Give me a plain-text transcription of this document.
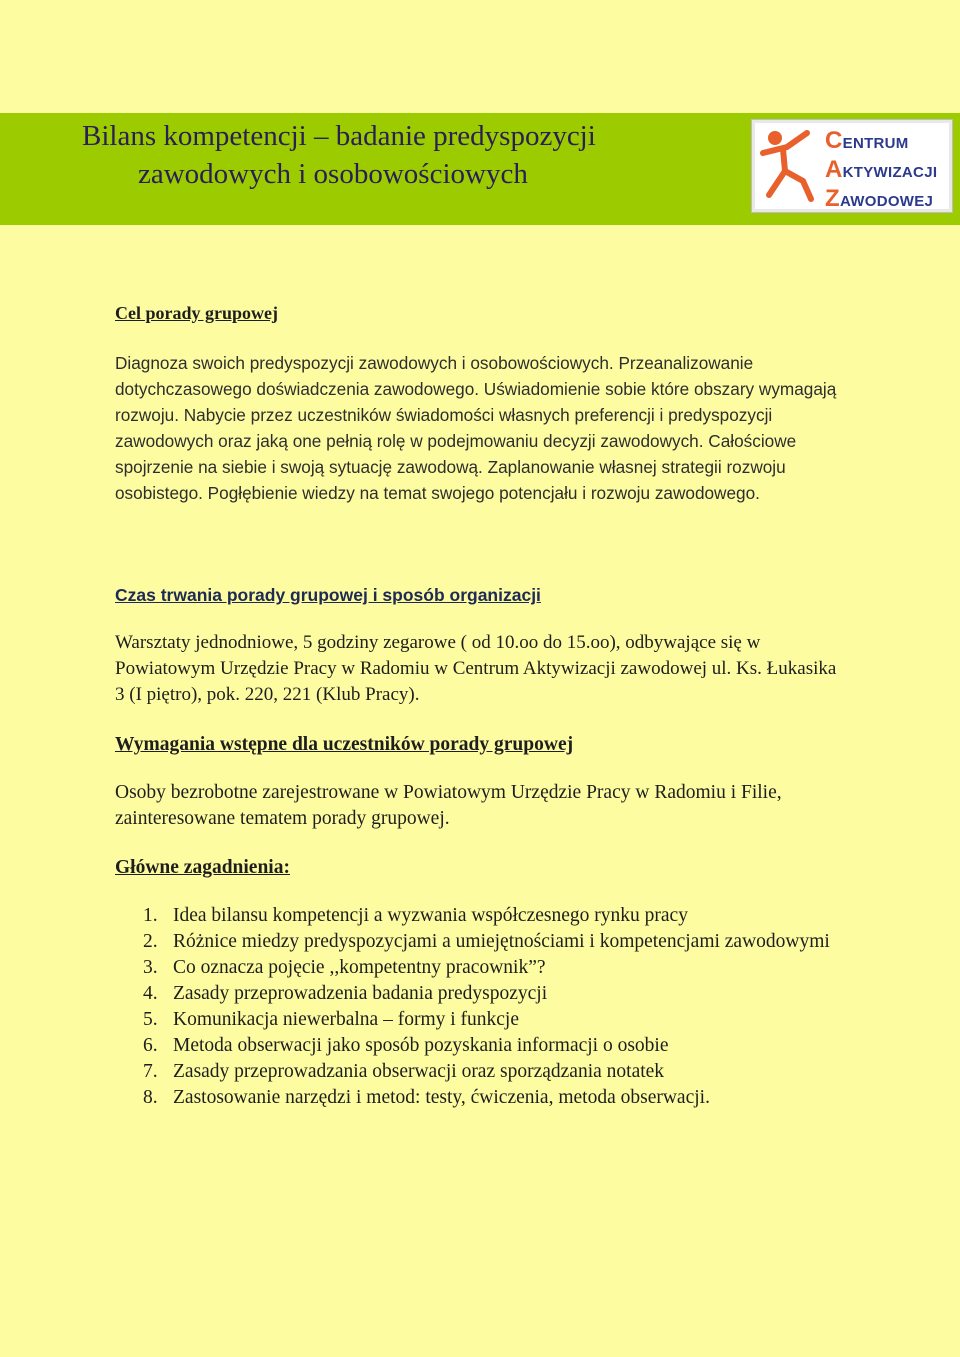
Bilans kompetencji – badanie predyspozycji
zawodowych i osobowościowych
CENTRUM
AKTYWIZACJI
ZAWODOWEJ
Cel porady grupowej
Diagnoza swoich predyspozycji zawodowych i osobowościowych. Przeanalizowanie dotychczasowego doświadczenia zawodowego. Uświadomienie sobie które obszary wymagają rozwoju. Nabycie przez uczestników świadomości własnych preferencji i predyspozycji zawodowych oraz jaką one pełnią rolę w podejmowaniu decyzji zawodowych. Całościowe spojrzenie na siebie i swoją sytuację zawodową. Zaplanowanie własnej strategii rozwoju osobistego. Pogłębienie wiedzy na temat swojego potencjału i rozwoju zawodowego.
Czas trwania porady grupowej i sposób organizacji
Warsztaty jednodniowe, 5 godziny zegarowe ( od 10.oo do 15.oo), odbywające się w Powiatowym Urzędzie Pracy w Radomiu w Centrum Aktywizacji zawodowej ul. Ks. Łukasika 3 (I piętro), pok. 220, 221 (Klub Pracy).
Wymagania wstępne dla uczestników porady grupowej
Osoby bezrobotne zarejestrowane w Powiatowym Urzędzie Pracy w Radomiu i Filie, zainteresowane tematem porady grupowej.
Główne zagadnienia:
1. Idea bilansu kompetencji a wyzwania współczesnego rynku pracy
2. Różnice miedzy predyspozycjami a umiejętnościami i kompetencjami zawodowymi
3. Co oznacza pojęcie ,,kompetentny pracownik”?
4. Zasady przeprowadzenia badania predyspozycji
5. Komunikacja niewerbalna – formy i funkcje
6. Metoda obserwacji jako sposób pozyskania informacji o osobie
7. Zasady przeprowadzania obserwacji oraz sporządzania notatek
8. Zastosowanie narzędzi i metod: testy, ćwiczenia, metoda obserwacji.
